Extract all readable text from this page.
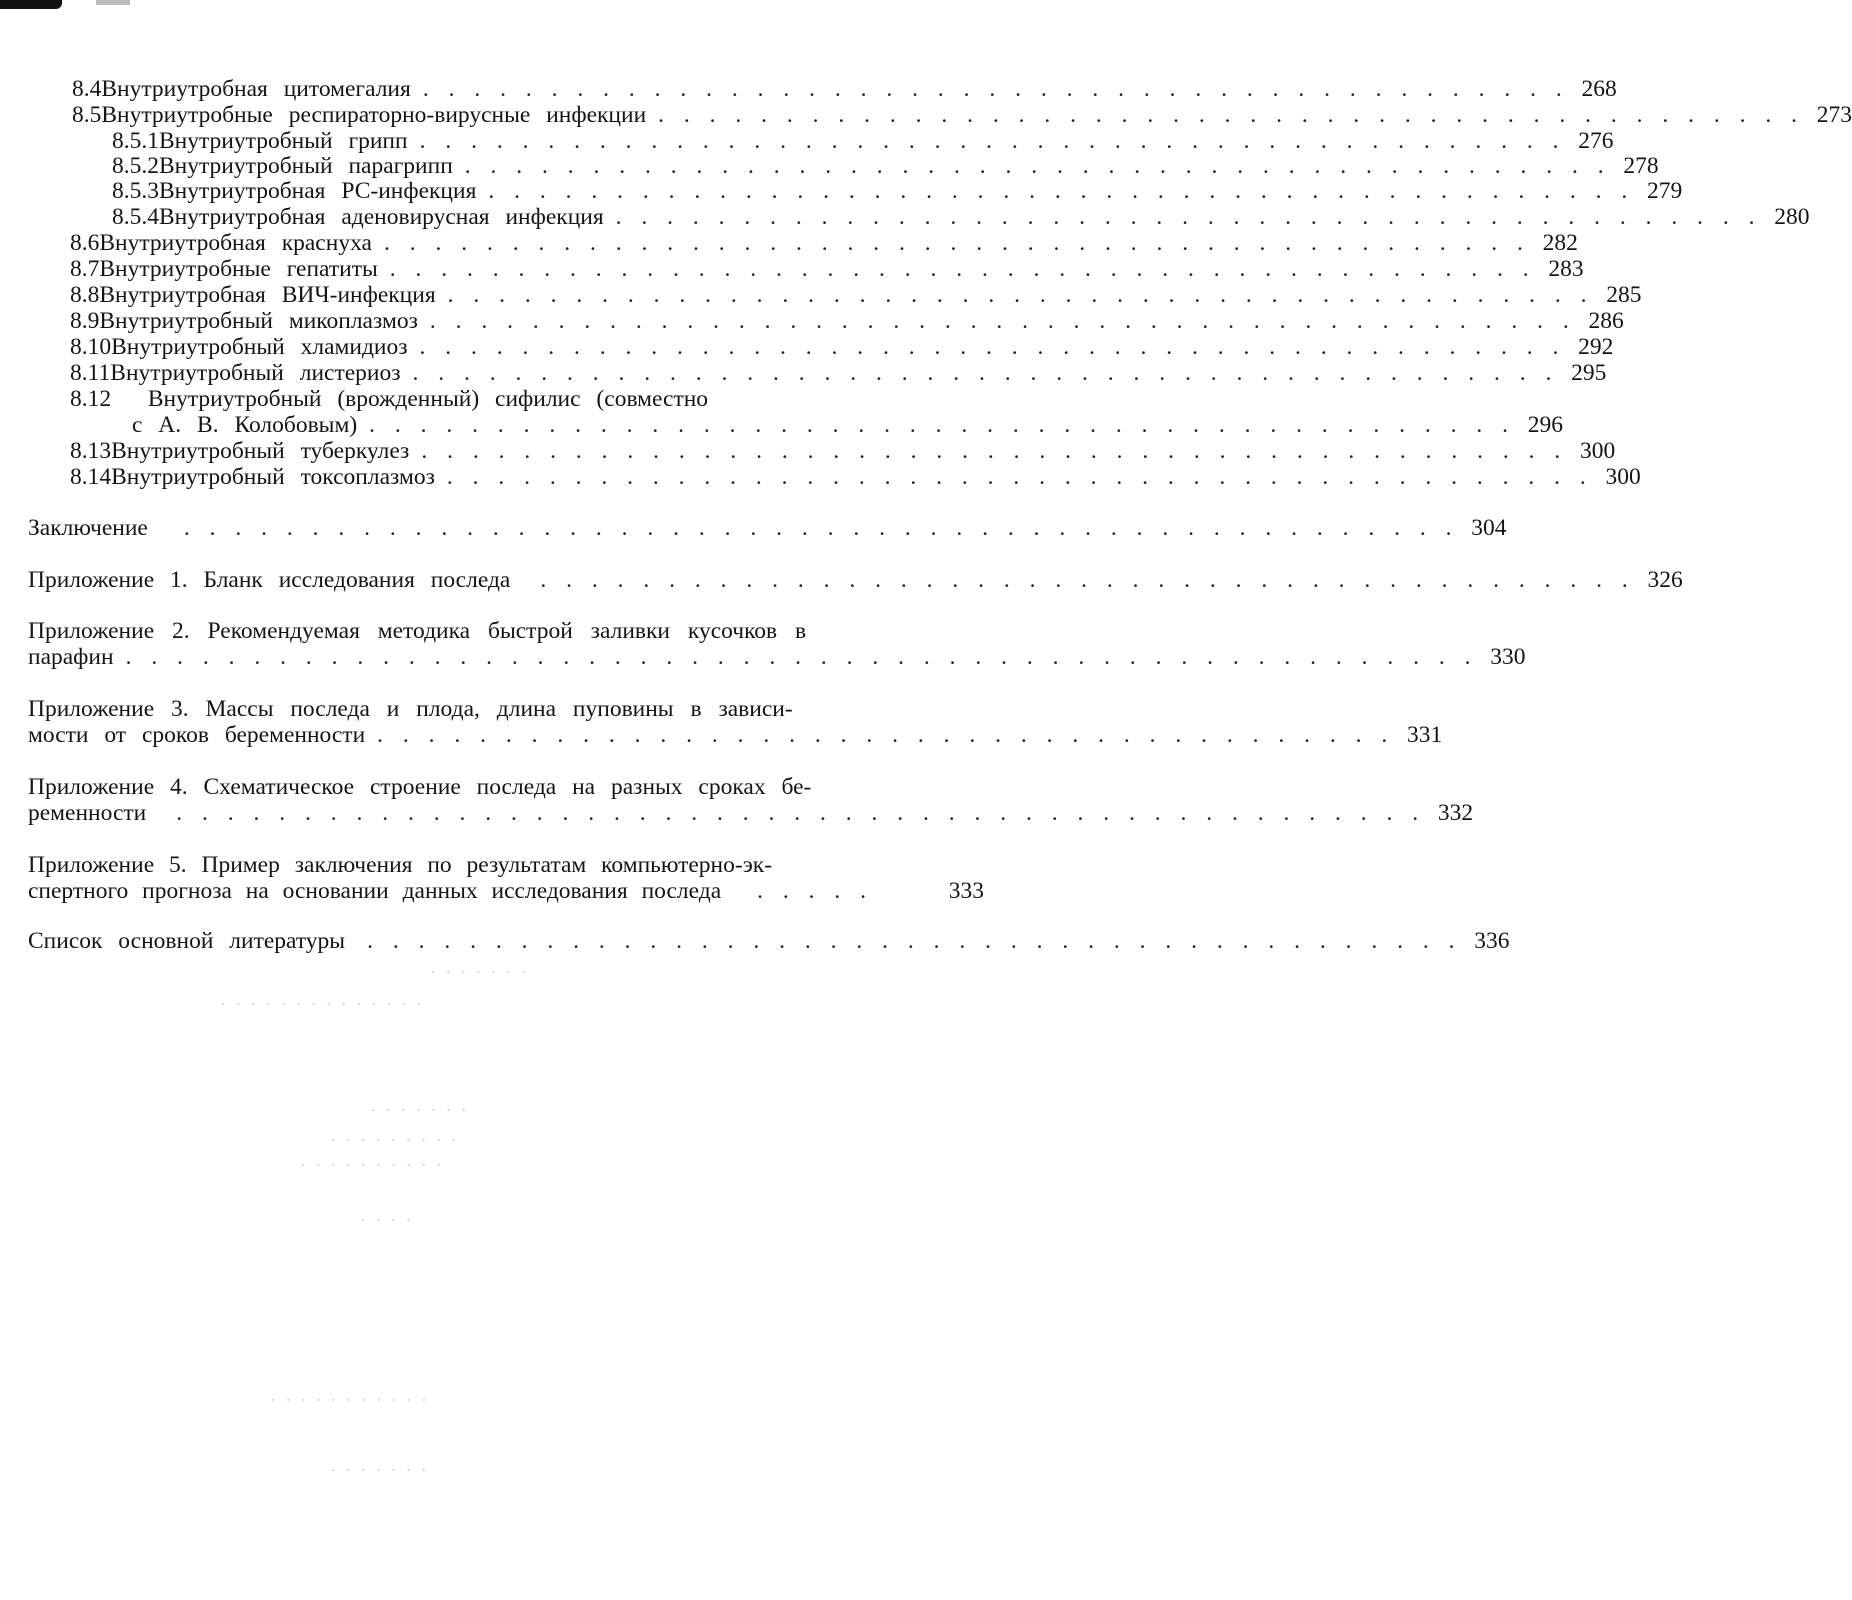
8.4 Внутриутробная цитомегалия . . . . . . . . . . . . . . . . . . . . . . . . . . . . . . . . . . . . . . . . . . . . . 268
8.5 Внутриутробные респираторно-вирусные инфекции . . . . . . . . . . . . . . . . . . . . . . . . . . . . . . . . . . . . . . . . . . . . . 273
8.5.1 Внутриутробный грипп . . . . . . . . . . . . . . . . . . . . . . . . . . . . . . . . . . . . . . . . . . . . . 276
8.5.2 Внутриутробный парагрипп . . . . . . . . . . . . . . . . . . . . . . . . . . . . . . . . . . . . . . . . . . . . . 278
8.5.3 Внутриутробная РС-инфекция . . . . . . . . . . . . . . . . . . . . . . . . . . . . . . . . . . . . . . . . . . . . . 279
8.5.4 Внутриутробная аденовирусная инфекция . . . . . . . . . . . . . . . . . . . . . . . . . . . . . . . . . . . . . . . . . . . . . 280
8.6 Внутриутробная краснуха . . . . . . . . . . . . . . . . . . . . . . . . . . . . . . . . . . . . . . . . . . . . . 282
8.7 Внутриутробные гепатиты . . . . . . . . . . . . . . . . . . . . . . . . . . . . . . . . . . . . . . . . . . . . . 283
8.8 Внутриутробная ВИЧ-инфекция . . . . . . . . . . . . . . . . . . . . . . . . . . . . . . . . . . . . . . . . . . . . . 285
8.9 Внутриутробный микоплазмоз . . . . . . . . . . . . . . . . . . . . . . . . . . . . . . . . . . . . . . . . . . . . . 286
8.10 Внутриутробный хламидиоз . . . . . . . . . . . . . . . . . . . . . . . . . . . . . . . . . . . . . . . . . . . . . 292
8.11 Внутриутробный листериоз . . . . . . . . . . . . . . . . . . . . . . . . . . . . . . . . . . . . . . . . . . . . . 295
8.12 Внутриутробный (врожденный) сифилис (совместно
с А. В. Колобовым) . . . . . . . . . . . . . . . . . . . . . . . . . . . . . . . . . . . . . . . . . . . . . 296
8.13 Внутриутробный туберкулез . . . . . . . . . . . . . . . . . . . . . . . . . . . . . . . . . . . . . . . . . . . . . 300
8.14 Внутриутробный токсоплазмоз . . . . . . . . . . . . . . . . . . . . . . . . . . . . . . . . . . . . . . . . . . . . . 300
Заключение . . . . . . . . . . . . . . . . . . . . . . . . . . . . . . . . . . . . . . . . . . . . . . . . . . 304
Приложение 1. Бланк исследования последа . . . . . . . . . . . . . . . . . . . . . . . . . . . . . . . . . . . . . . . . . . . 326
Приложение 2. Рекомендуемая методика быстрой заливки кусочков в
парафин . . . . . . . . . . . . . . . . . . . . . . . . . . . . . . . . . . . . . . . . . . . . . . . . . . . . . 330
Приложение 3. Массы последа и плода, длина пуповины в зависи-
мости от сроков беременности . . . . . . . . . . . . . . . . . . . . . . . . . . . . . . . . . . . . . . . . 331
Приложение 4. Схематическое строение последа на разных сроках бе-
ременности . . . . . . . . . . . . . . . . . . . . . . . . . . . . . . . . . . . . . . . . . . . . . . . . . 332
Приложение 5. Пример заключения по результатам компьютерно-эк-
спертного прогноза на основании данных исследования последа . . . . .	333
Список основной литературы . . . . . . . . . . . . . . . . . . . . . . . . . . . . . . . . . . . . . . . . . . . 336
· · · · · · ·
· · · · · · · · · · · · · ·
· · · · · · ·
· · · · · · · · ·
· · · · · · · · · ·
· · · ·
· · · · · · · · · · ·
· · · · · · ·
